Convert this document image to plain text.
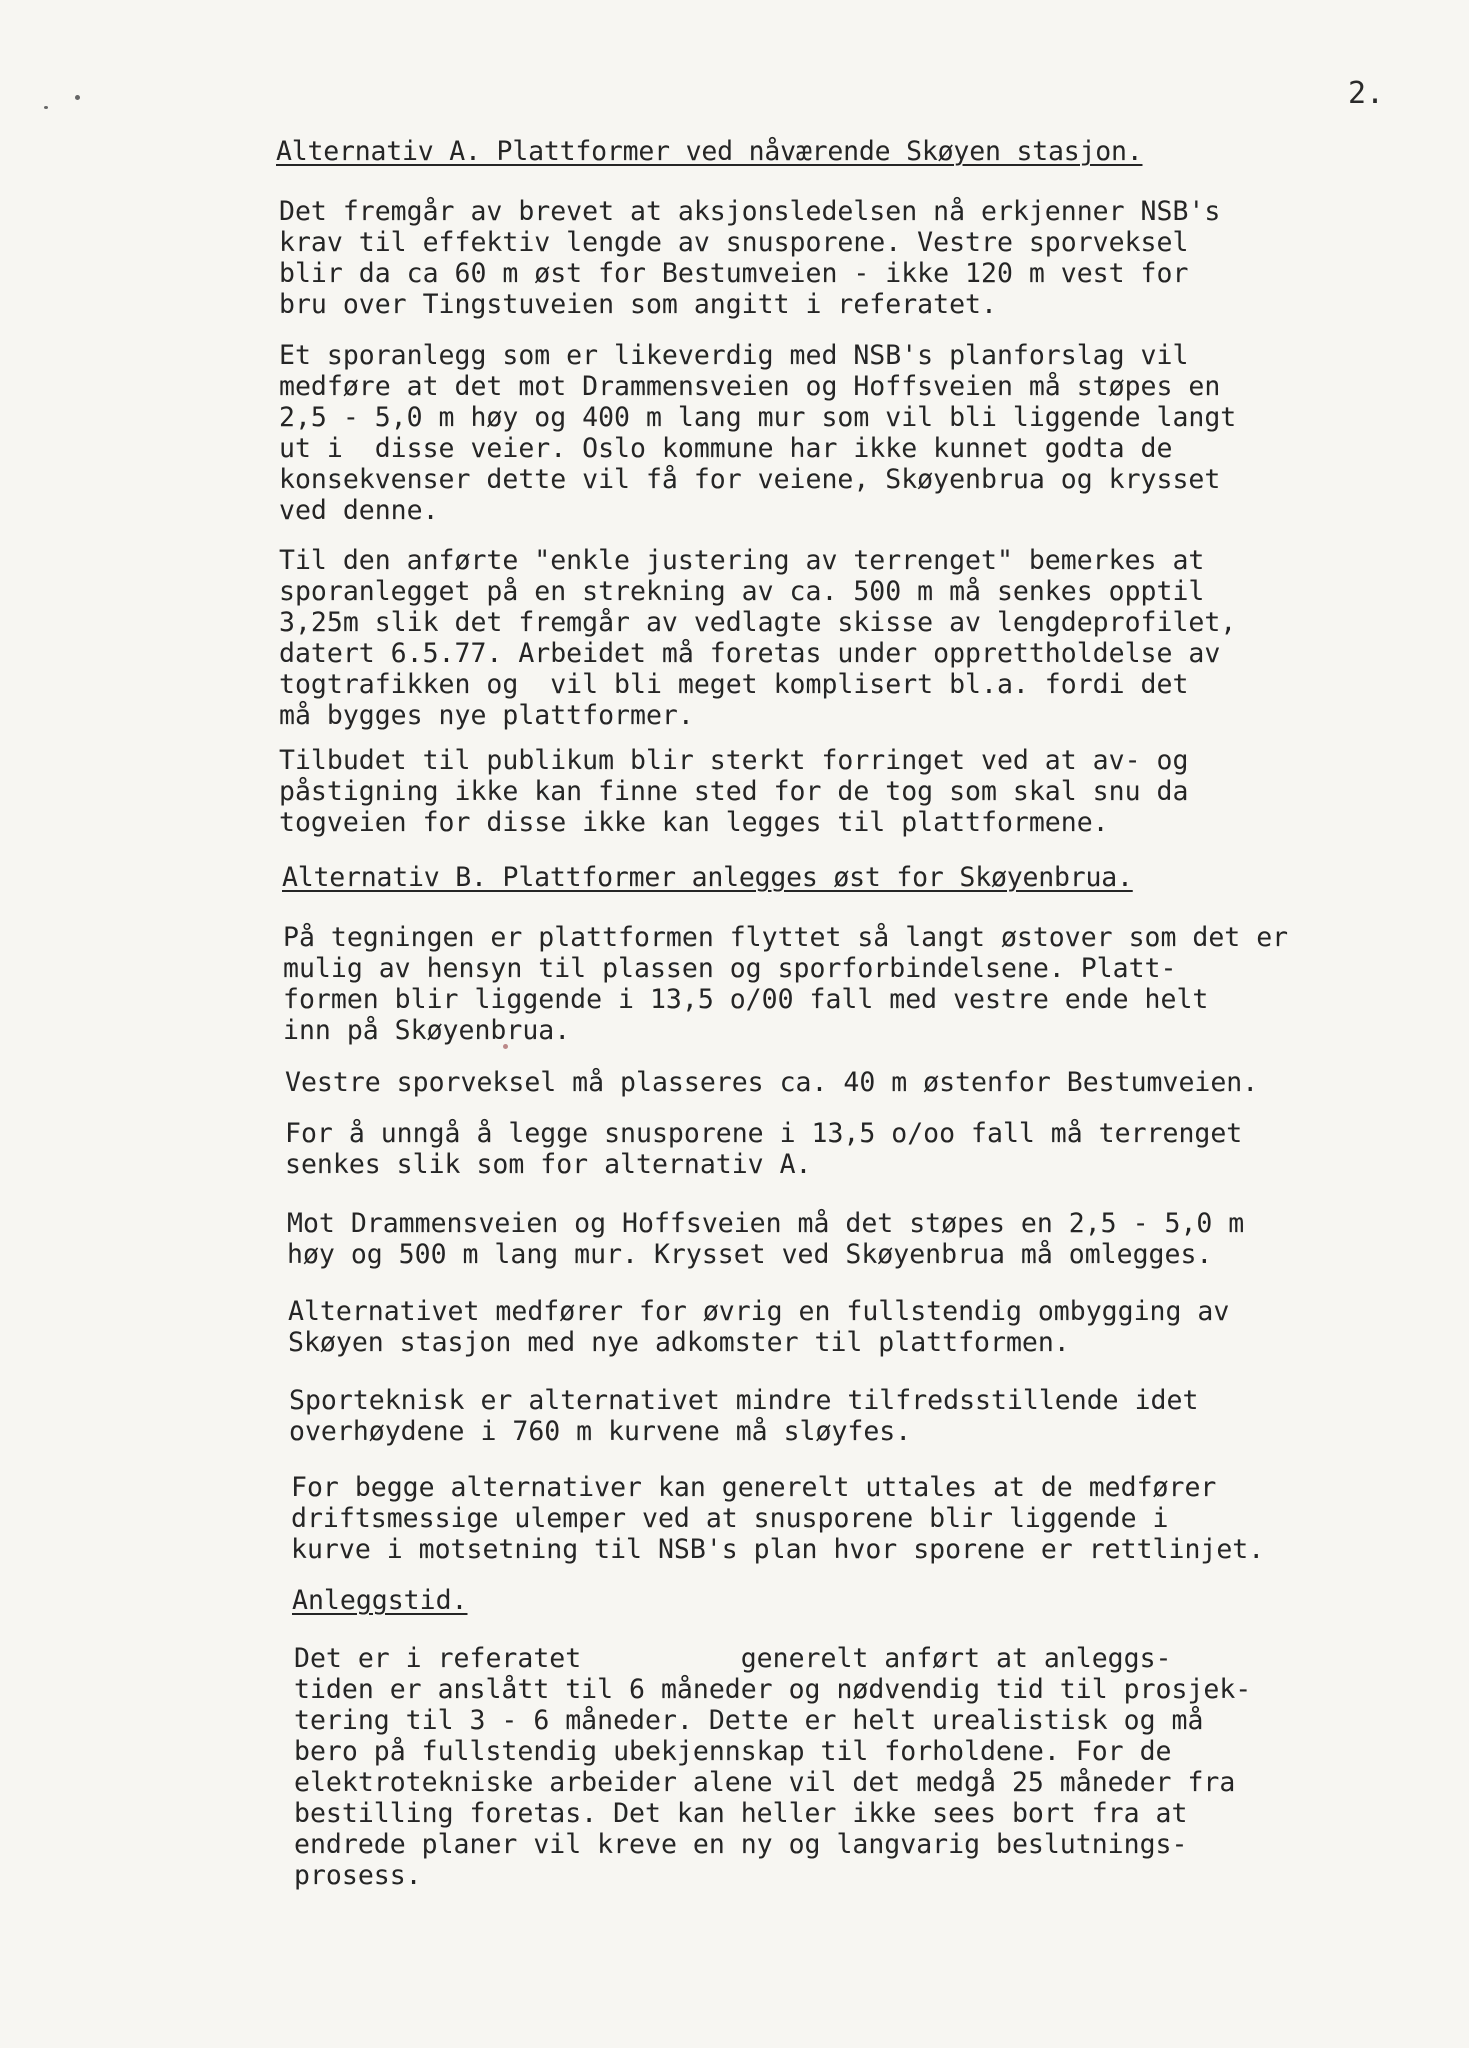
2.
Alternativ A. Plattformer ved nåværende Skøyen stasjon.
Det fremgår av brevet at aksjonsledelsen nå erkjenner NSB's
krav til effektiv lengde av snusporene. Vestre sporveksel
blir da ca 60 m øst for Bestumveien - ikke 120 m vest for
bru over Tingstuveien som angitt i referatet.
Et sporanlegg som er likeverdig med NSB's planforslag vil
medføre at det mot Drammensveien og Hoffsveien må støpes en
2,5 - 5,0 m høy og 400 m lang mur som vil bli liggende langt
ut i  disse veier. Oslo kommune har ikke kunnet godta de
konsekvenser dette vil få for veiene, Skøyenbrua og krysset
ved denne.
Til den anførte "enkle justering av terrenget" bemerkes at
sporanlegget på en strekning av ca. 500 m må senkes opptil
3,25m slik det fremgår av vedlagte skisse av lengdeprofilet,
datert 6.5.77. Arbeidet må foretas under opprettholdelse av
togtrafikken og  vil bli meget komplisert bl.a. fordi det
må bygges nye plattformer.
Tilbudet til publikum blir sterkt forringet ved at av- og
påstigning ikke kan finne sted for de tog som skal snu da
togveien for disse ikke kan legges til plattformene.
Alternativ B. Plattformer anlegges øst for Skøyenbrua.
På tegningen er plattformen flyttet så langt østover som det er
mulig av hensyn til plassen og sporforbindelsene. Platt-
formen blir liggende i 13,5 o/00 fall med vestre ende helt
inn på Skøyenbrua.
Vestre sporveksel må plasseres ca. 40 m østenfor Bestumveien.
For å unngå å legge snusporene i 13,5 o/oo fall må terrenget
senkes slik som for alternativ A.
Mot Drammensveien og Hoffsveien må det støpes en 2,5 - 5,0 m
høy og 500 m lang mur. Krysset ved Skøyenbrua må omlegges.
Alternativet medfører for øvrig en fullstendig ombygging av
Skøyen stasjon med nye adkomster til plattformen.
Sporteknisk er alternativet mindre tilfredsstillende idet
overhøydene i 760 m kurvene må sløyfes.
For begge alternativer kan generelt uttales at de medfører
driftsmessige ulemper ved at snusporene blir liggende i
kurve i motsetning til NSB's plan hvor sporene er rettlinjet.
Anleggstid.
Det er i referatet          generelt anført at anleggs-
tiden er anslått til 6 måneder og nødvendig tid til prosjek-
tering til 3 - 6 måneder. Dette er helt urealistisk og må
bero på fullstendig ubekjennskap til forholdene. For de
elektrotekniske arbeider alene vil det medgå 25 måneder fra
bestilling foretas. Det kan heller ikke sees bort fra at
endrede planer vil kreve en ny og langvarig beslutnings-
prosess.
